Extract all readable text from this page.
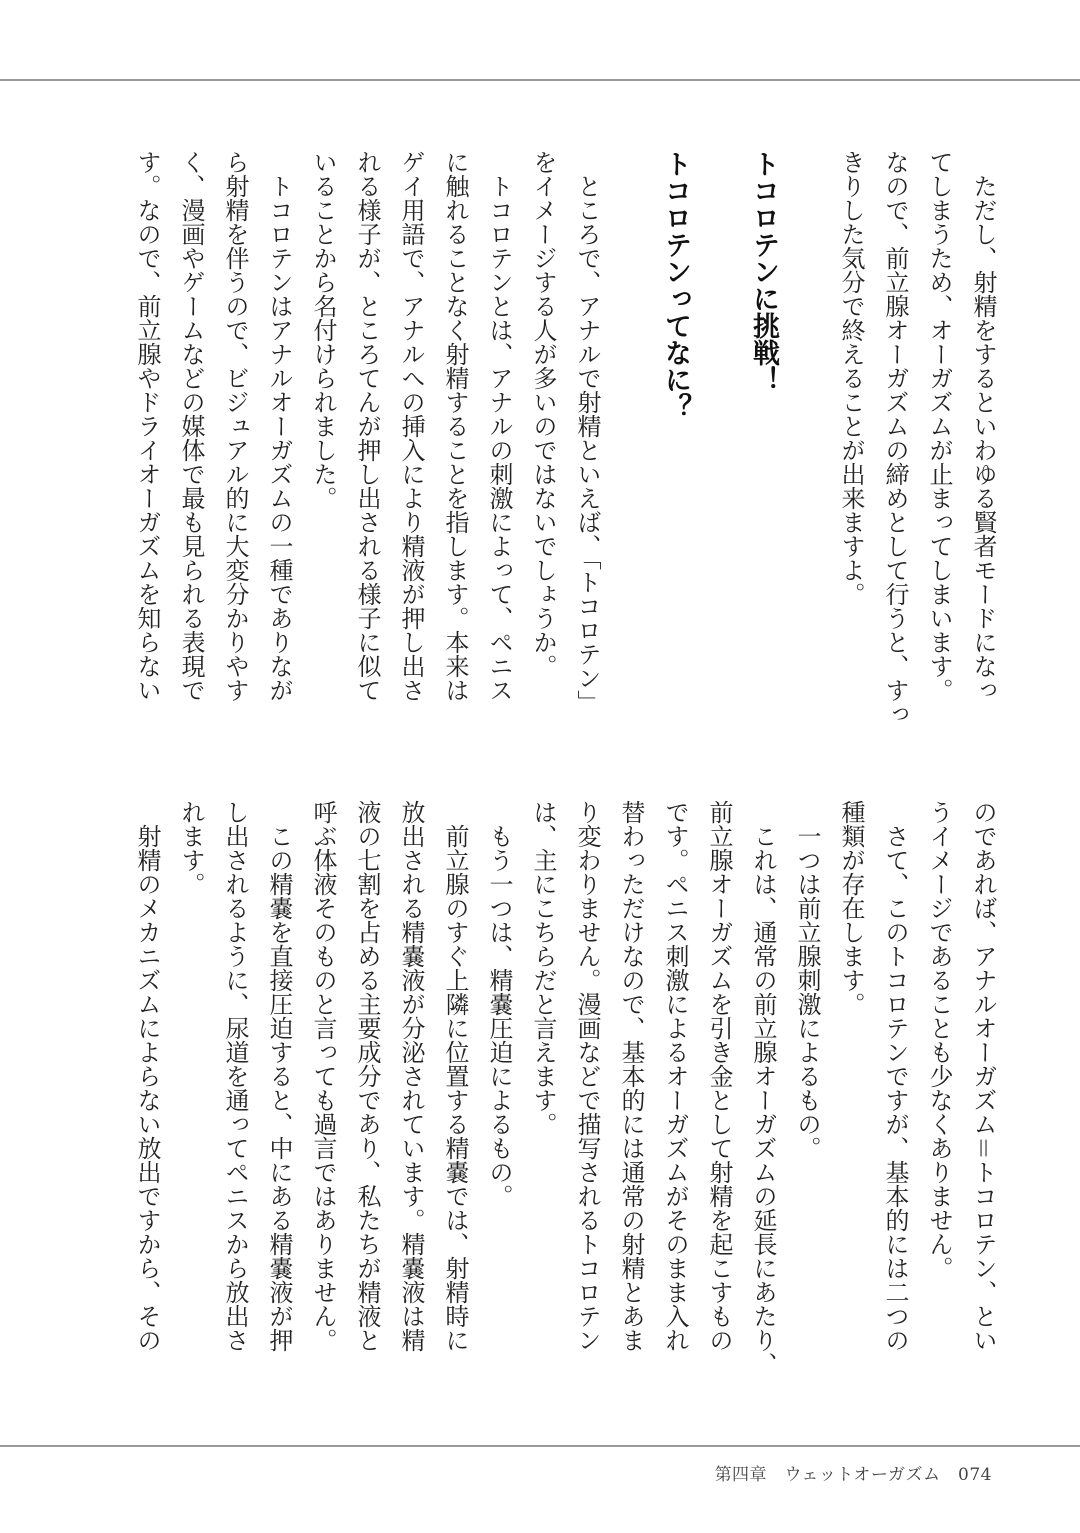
ただし、射精をするといわゆる賢者モードになっ
てしまうため、オーガズムが止まってしまいます。
なので、前立腺オーガズムの締めとして行うと、すっ
きりした気分で終えることが出来ますよ。
トコロテンに挑戦！
トコロテンってなに？
ところで、アナルで射精といえば、「トコロテン」
をイメージする人が多いのではないでしょうか。
トコロテンとは、アナルの刺激によって、ペニス
に触れることなく射精することを指します。本来は
ゲイ用語で、アナルへの挿入により精液が押し出さ
れる様子が、ところてんが押し出される様子に似て
いることから名付けられました。
トコロテンはアナルオーガズムの一種でありなが
ら射精を伴うので、ビジュアル的に大変分かりやす
く、漫画やゲームなどの媒体で最も見られる表現で
す。なので、前立腺やドライオーガズムを知らない
のであれば、アナルオーガズム＝トコロテン、とい
うイメージであることも少なくありません。
さて、このトコロテンですが、基本的には二つの
種類が存在します。
一つは前立腺刺激によるもの。
これは、通常の前立腺オーガズムの延長にあたり、
前立腺オーガズムを引き金として射精を起こすもの
です。ペニス刺激によるオーガズムがそのまま入れ
替わっただけなので、基本的には通常の射精とあま
り変わりません。漫画などで描写されるトコロテン
は、主にこちらだと言えます。
もう一つは、精嚢圧迫によるもの。
前立腺のすぐ上隣に位置する精嚢では、射精時に
放出される精嚢液が分泌されています。精嚢液は精
液の七割を占める主要成分であり、私たちが精液と
呼ぶ体液そのものと言っても過言ではありません。
この精嚢を直接圧迫すると、中にある精嚢液が押
し出されるように、尿道を通ってペニスから放出さ
れます。
射精のメカニズムによらない放出ですから、その
第四章　 ウェットオーガズム　 074
